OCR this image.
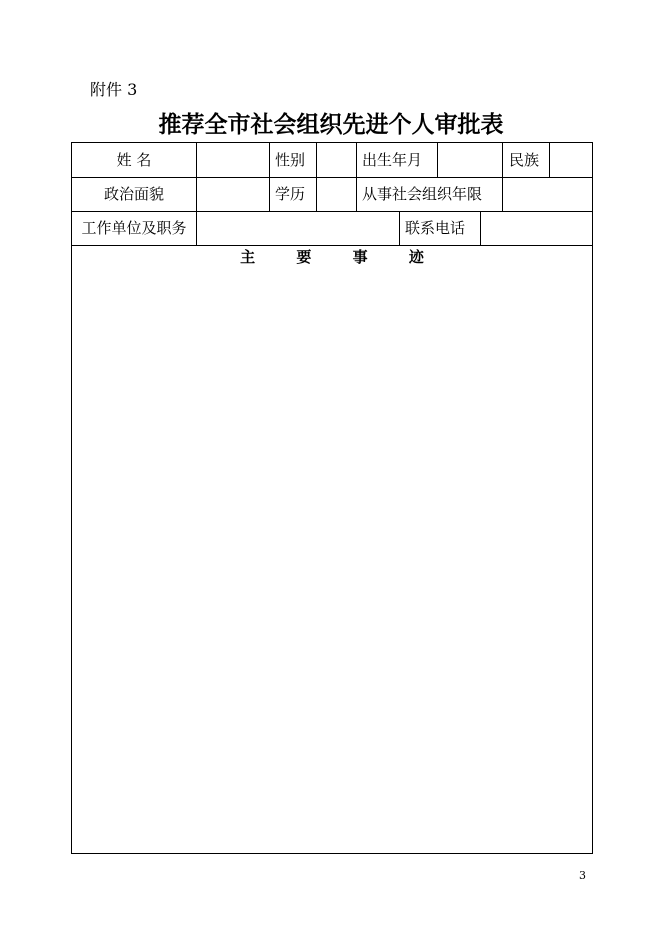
附件 3
推荐全市社会组织先进个人审批表
姓 名	性别	出生年月	民族
政治面貌	学历	从事社会组织年限
工作单位及职务	联系电话
主 要 事 迹
3
